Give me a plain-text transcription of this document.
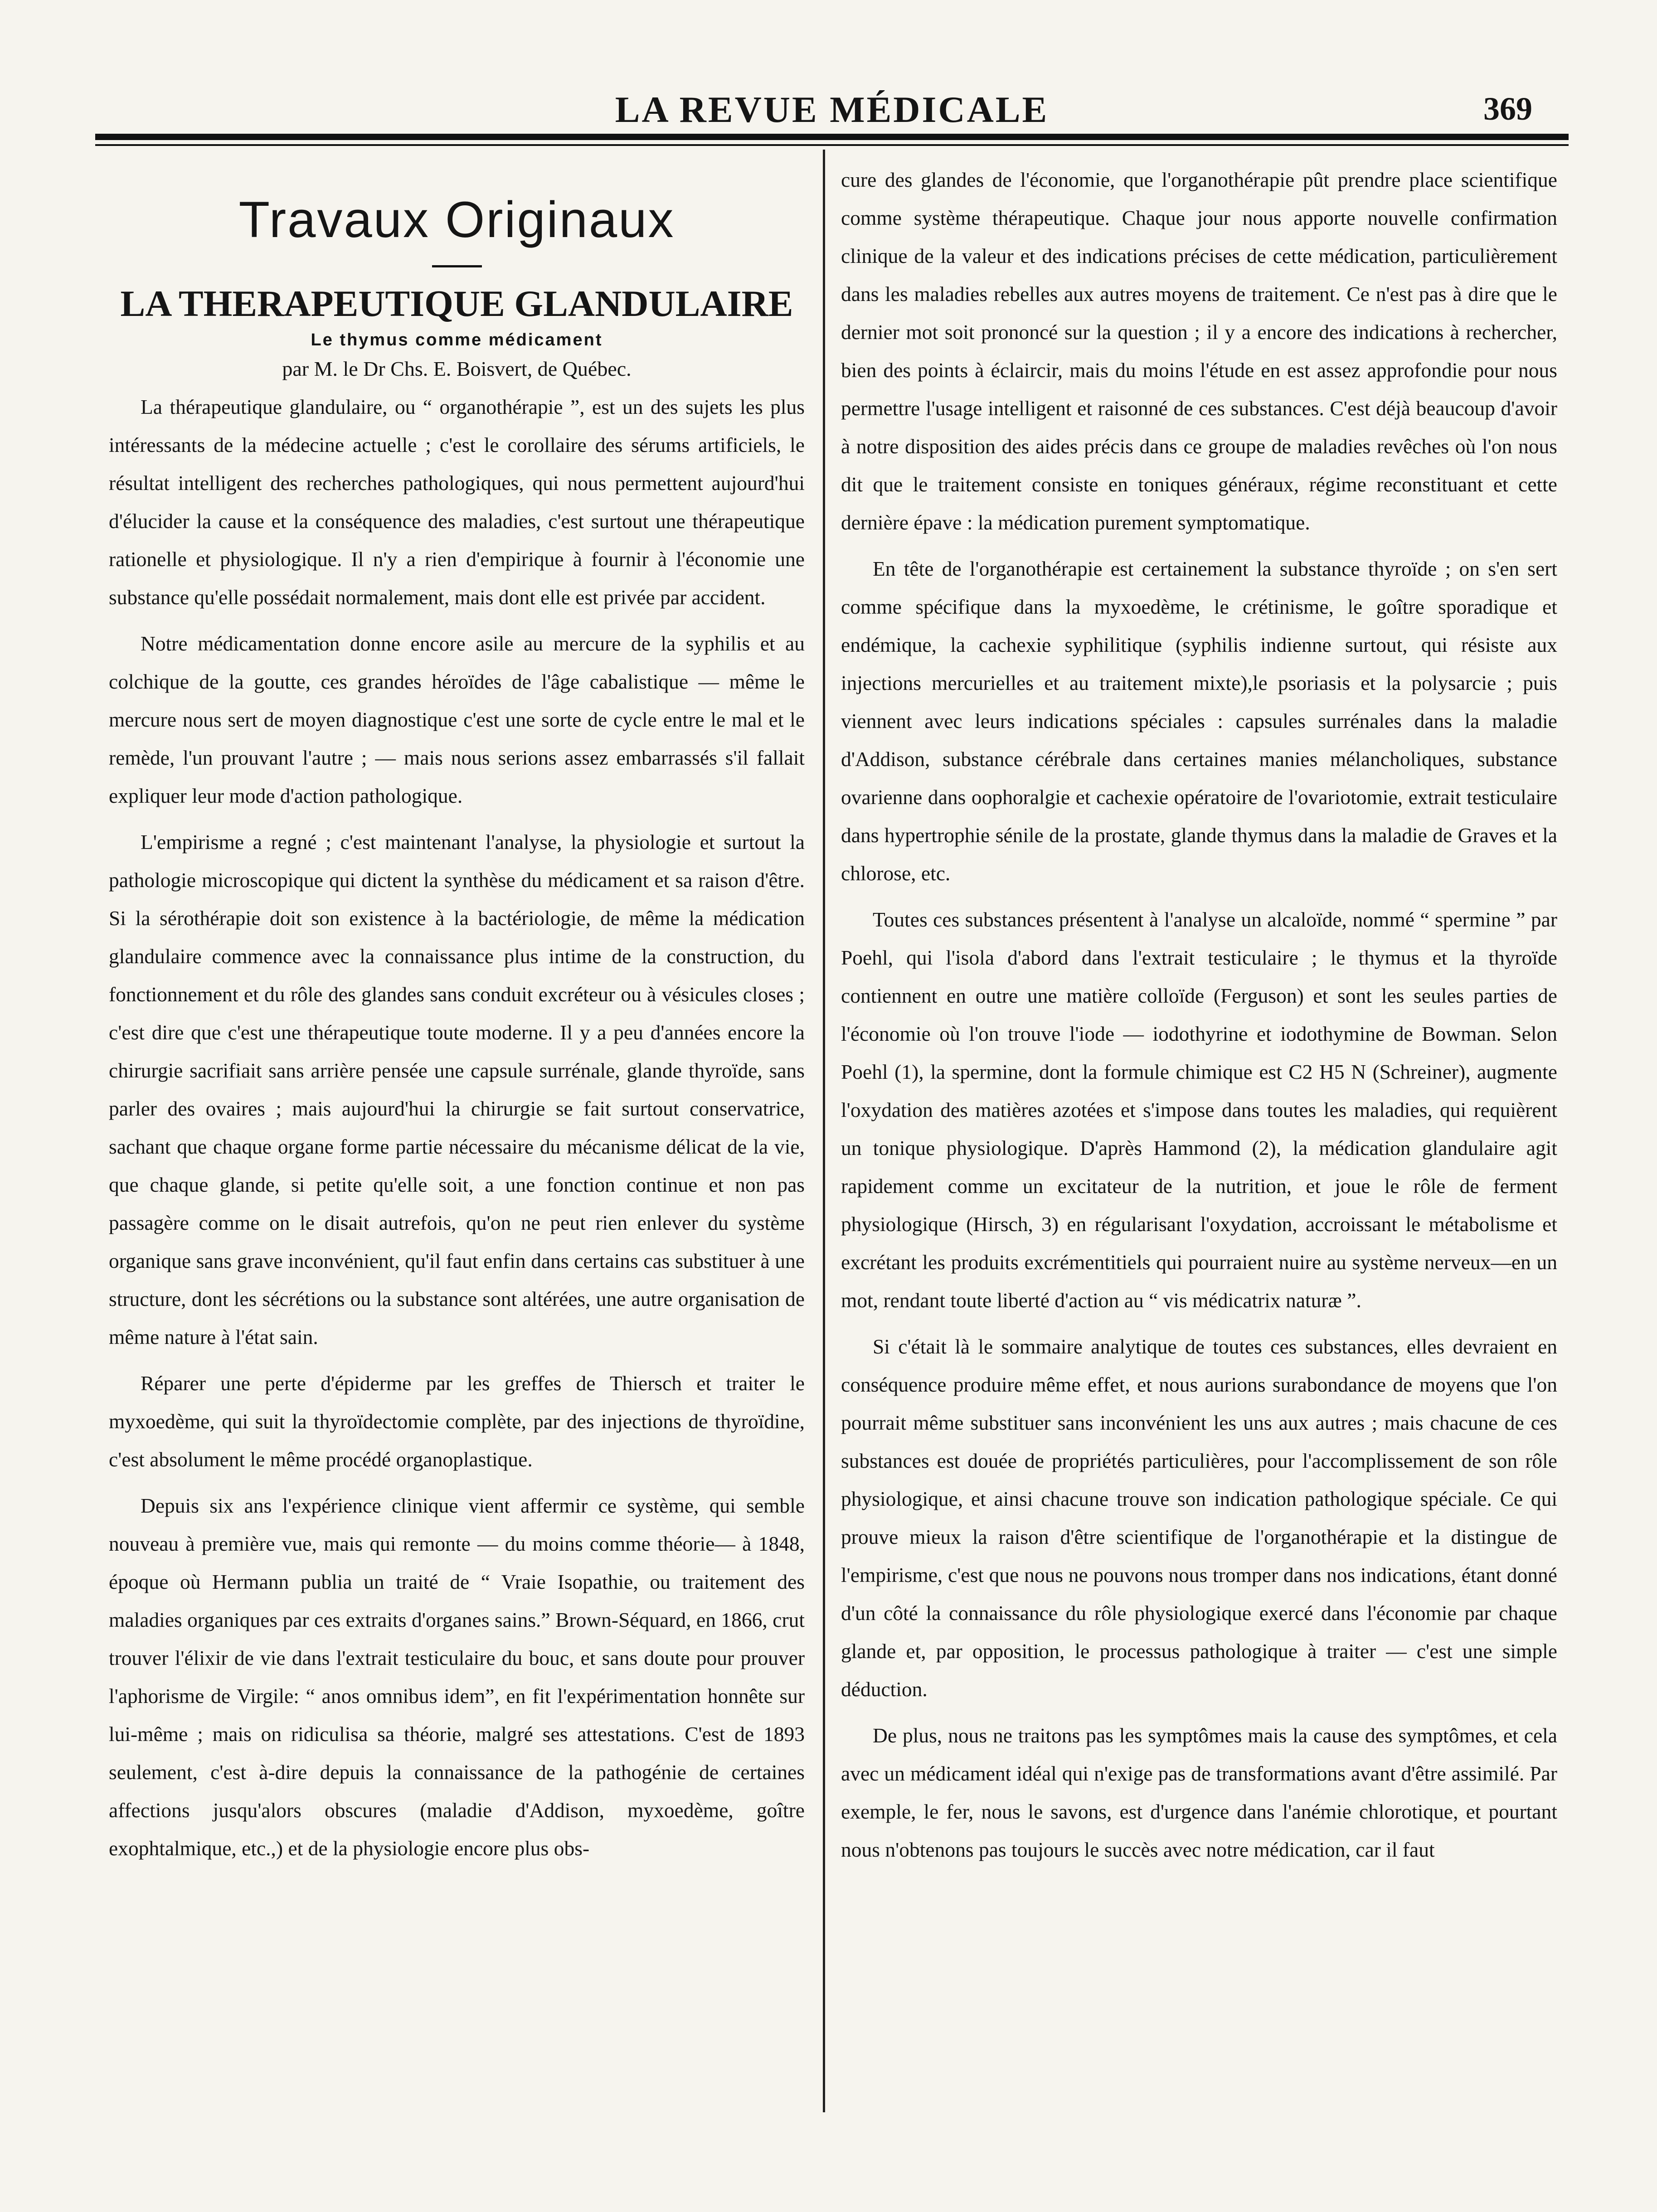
LA REVUE MÉDICALE	369
Travaux Originaux
LA THERAPEUTIQUE GLANDULAIRE
Le thymus comme médicament
par M. le Dr Chs. E. Boisvert, de Québec.

La thérapeutique glandulaire, ou “ organothérapie ”, est un des sujets les plus intéressants de la médecine actuelle ; c'est le corollaire des sérums artificiels, le résultat intelligent des recherches pathologiques, qui nous permettent aujourd'hui d'élucider la cause et la conséquence des maladies, c'est surtout une thérapeutique rationelle et physiologique. Il n'y a rien d'empirique à fournir à l'économie une substance qu'elle possédait normalement, mais dont elle est privée par accident.

Notre médicamentation donne encore asile au mercure de la syphilis et au colchique de la goutte, ces grandes héroïdes de l'âge cabalistique — même le mercure nous sert de moyen diagnostique c'est une sorte de cycle entre le mal et le remède, l'un prouvant l'autre ; — mais nous serions assez embarrassés s'il fallait expliquer leur mode d'action pathologique.

L'empirisme a regné ; c'est maintenant l'analyse, la physiologie et surtout la pathologie microscopique qui dictent la synthèse du médicament et sa raison d'être. Si la sérothérapie doit son existence à la bactériologie, de même la médication glandulaire commence avec la connaissance plus intime de la construction, du fonctionnement et du rôle des glandes sans conduit excréteur ou à vésicules closes ; c'est dire que c'est une thérapeutique toute moderne. Il y a peu d'années encore la chirurgie sacrifiait sans arrière pensée une capsule surrénale, glande thyroïde, sans parler des ovaires ; mais aujourd'hui la chirurgie se fait surtout conservatrice, sachant que chaque organe forme partie nécessaire du mécanisme délicat de la vie, que chaque glande, si petite qu'elle soit, a une fonction continue et non pas passagère comme on le disait autrefois, qu'on ne peut rien enlever du système organique sans grave inconvénient, qu'il faut enfin dans certains cas substituer à une structure, dont les sécrétions ou la substance sont altérées, une autre organisation de même nature à l'état sain.

Réparer une perte d'épiderme par les greffes de Thiersch et traiter le myxoedème, qui suit la thyroïdectomie complète, par des injections de thyroïdine, c'est absolument le même procédé organoplastique.

Depuis six ans l'expérience clinique vient affermir ce système, qui semble nouveau à première vue, mais qui remonte — du moins comme théorie— à 1848, époque où Hermann publia un traité de “ Vraie Isopathie, ou traitement des maladies organiques par ces extraits d'organes sains.” Brown-Séquard, en 1866, crut trouver l'élixir de vie dans l'extrait testiculaire du bouc, et sans doute pour prouver l'aphorisme de Virgile: “ anos omnibus idem”, en fit l'expérimentation honnête sur lui-même ; mais on ridiculisa sa théorie, malgré ses attestations. C'est de 1893 seulement, c'est à-dire depuis la connaissance de la pathogénie de certaines affections jusqu'alors obscures (maladie d'Addison, myxoedème, goître exophtalmique, etc.,) et de la physiologie encore plus obs-

cure des glandes de l'économie, que l'organothérapie pût prendre place scientifique comme système thérapeutique. Chaque jour nous apporte nouvelle confirmation clinique de la valeur et des indications précises de cette médication, particulièrement dans les maladies rebelles aux autres moyens de traitement. Ce n'est pas à dire que le dernier mot soit prononcé sur la question ; il y a encore des indications à rechercher, bien des points à éclaircir, mais du moins l'étude en est assez approfondie pour nous permettre l'usage intelligent et raisonné de ces substances. C'est déjà beaucoup d'avoir à notre disposition des aides précis dans ce groupe de maladies revêches où l'on nous dit que le traitement consiste en toniques généraux, régime reconstituant et cette dernière épave : la médication purement symptomatique.

En tête de l'organothérapie est certainement la substance thyroïde ; on s'en sert comme spécifique dans la myxoedème, le crétinisme, le goître sporadique et endémique, la cachexie syphilitique (syphilis indienne surtout, qui résiste aux injections mercurielles et au traitement mixte),le psoriasis et la polysarcie ; puis viennent avec leurs indications spéciales : capsules surrénales dans la maladie d'Addison, substance cérébrale dans certaines manies mélancholiques, substance ovarienne dans oophoralgie et cachexie opératoire de l'ovariotomie, extrait testiculaire dans hypertrophie sénile de la prostate, glande thymus dans la maladie de Graves et la chlorose, etc.

Toutes ces substances présentent à l'analyse un alcaloïde, nommé “ spermine ” par Poehl, qui l'isola d'abord dans l'extrait testiculaire ; le thymus et la thyroïde contiennent en outre une matière colloïde (Ferguson) et sont les seules parties de l'économie où l'on trouve l'iode — iodothyrine et iodothymine de Bowman. Selon Poehl (1), la spermine, dont la formule chimique est C2 H5 N (Schreiner), augmente l'oxydation des matières azotées et s'impose dans toutes les maladies, qui requièrent un tonique physiologique. D'après Hammond (2), la médication glandulaire agit rapidement comme un excitateur de la nutrition, et joue le rôle de ferment physiologique (Hirsch, 3) en régularisant l'oxydation, accroissant le métabolisme et excrétant les produits excrémentitiels qui pourraient nuire au système nerveux—en un mot, rendant toute liberté d'action au “ vis médicatrix naturæ ”.

Si c'était là le sommaire analytique de toutes ces substances, elles devraient en conséquence produire même effet, et nous aurions surabondance de moyens que l'on pourrait même substituer sans inconvénient les uns aux autres ; mais chacune de ces substances est douée de propriétés particulières, pour l'accomplissement de son rôle physiologique, et ainsi chacune trouve son indication pathologique spéciale. Ce qui prouve mieux la raison d'être scientifique de l'organothérapie et la distingue de l'empirisme, c'est que nous ne pouvons nous tromper dans nos indications, étant donné d'un côté la connaissance du rôle physiologique exercé dans l'économie par chaque glande et, par opposition, le processus pathologique à traiter — c'est une simple déduction.

De plus, nous ne traitons pas les symptômes mais la cause des symptômes, et cela avec un médicament idéal qui n'exige pas de transformations avant d'être assimilé. Par exemple, le fer, nous le savons, est d'urgence dans l'anémie chlorotique, et pourtant nous n'obtenons pas toujours le succès avec notre médication, car il faut
